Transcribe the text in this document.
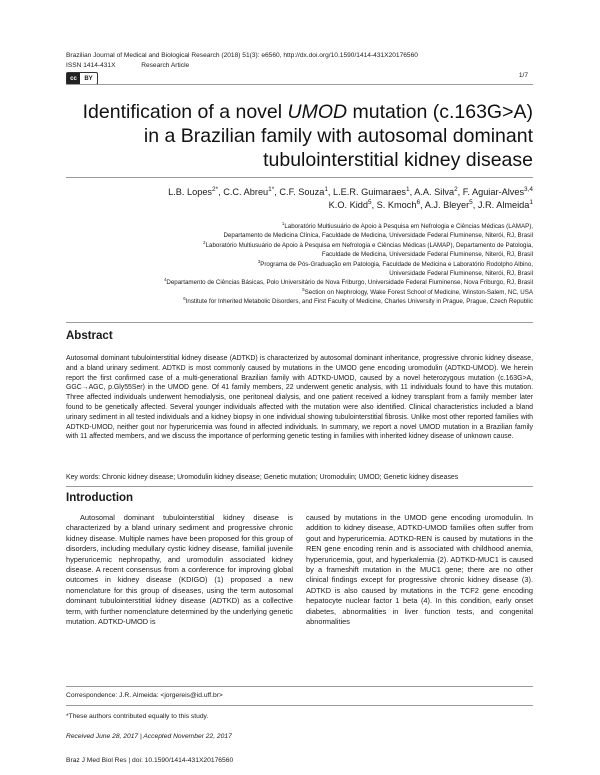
Brazilian Journal of Medical and Biological Research (2018) 51(3): e6560, http://dx.doi.org/10.1590/1414-431X20176560
ISSN 1414-431X	Research Article
cc	BY	1/7
Identification of a novel UMOD mutation (c.163G>A)
in a Brazilian family with autosomal dominant
tubulointerstitial kidney disease
L.B. Lopes$^{2*}$, C.C. Abreu$^{1*}$, C.F. Souza$^1$, L.E.R. Guimaraes$^1$, A.A. Silva$^2$, F. Aguiar-Alves$^{3,4}$
K.O. Kidd$^5$, S. Kmoch$^6$, A.J. Bleyer$^5$, J.R. Almeida$^1$
$^1$Laboratório Multiusuário de Apoio à Pesquisa em Nefrologia e Ciências Médicas (LAMAP),
Departamento de Medicina Clínica, Faculdade de Medicina, Universidade Federal Fluminense, Niterói, RJ, Brasil
$^2$Laboratório Multiusuário de Apoio à Pesquisa em Nefrologia e Ciências Médicas (LAMAP), Departamento de Patologia,
Faculdade de Medicina, Universidade Federal Fluminense, Niterói, RJ, Brasil
$^3$Programa de Pós-Graduação em Patologia, Faculdade de Medicina e Laboratório Rodolpho Albino,
Universidade Federal Fluminense, Niterói, RJ, Brasil
$^4$Departamento de Ciências Básicas, Polo Universitário de Nova Friburgo, Universidade Federal Fluminense, Nova Friburgo, RJ, Brasil
$^5$Section on Nephrology, Wake Forest School of Medicine, Winston-Salem, NC, USA
$^6$Institute for Inherited Metabolic Disorders, and First Faculty of Medicine, Charles University in Prague, Prague, Czech Republic
Abstract

Autosomal dominant tubulointerstitial kidney disease (ADTKD) is characterized by autosomal dominant inheritance, progressive chronic kidney disease, and a bland urinary sediment. ADTKD is most commonly caused by mutations in the UMOD gene encoding uromodulin (ADTKD-UMOD). We herein report the first confirmed case of a multi-generational Brazilian family with ADTKD-UMOD, caused by a novel heterozygous mutation (c.163G>A, GGC→AGC, p.Gly55Ser) in the UMOD gene. Of 41 family members, 22 underwent genetic analysis, with 11 individuals found to have this mutation. Three affected individuals underwent hemodialysis, one peritoneal dialysis, and one patient received a kidney transplant from a family member later found to be genetically affected. Several younger individuals affected with the mutation were also identified. Clinical characteristics included a bland urinary sediment in all tested individuals and a kidney biopsy in one individual showing tubulointerstitial fibrosis. Unlike most other reported families with ADTKD-UMOD, neither gout nor hyperuricemia was found in affected individuals. In summary, we report a novel UMOD mutation in a Brazilian family with 11 affected members, and we discuss the importance of performing genetic testing in families with inherited kidney disease of unknown cause.

Key words: Chronic kidney disease; Uromodulin kidney disease; Genetic mutation; Uromodulin; UMOD; Genetic kidney diseases
Introduction

Autosomal dominant tubulointerstitial kidney disease is characterized by a bland urinary sediment and progressive chronic kidney disease. Multiple names have been proposed for this group of disorders, including medullary cystic kidney disease, familial juvenile hyperuricemic nephropathy, and uromodulin associated kidney disease. A recent consensus from a conference for improving global outcomes in kidney disease (KDIGO) (1) proposed a new nomenclature for this group of diseases, using the term autosomal dominant tubulointerstitial kidney disease (ADTKD) as a collective term, with further nomenclature determined by the underlying genetic mutation. ADTKD-UMOD is

caused by mutations in the UMOD gene encoding uromodulin. In addition to kidney disease, ADTKD-UMOD families often suffer from gout and hyperuricemia. ADTKD-REN is caused by mutations in the REN gene encoding renin and is associated with childhood anemia, hyperuricemia, gout, and hyperkalemia (2). ADTKD-MUC1 is caused by a frameshift mutation in the MUC1 gene; there are no other clinical findings except for progressive chronic kidney disease (3). ADTKD is also caused by mutations in the TCF2 gene encoding hepatocyte nuclear factor 1 beta (4). In this condition, early onset diabetes, abnormalities in liver function tests, and congenital abnormalities

Correspondence: J.R. Almeida: <jorgereis@id.uff.br>
*These authors contributed equally to this study.
Received June 28, 2017 | Accepted November 22, 2017
Braz J Med Biol Res | doi: 10.1590/1414-431X20176560
